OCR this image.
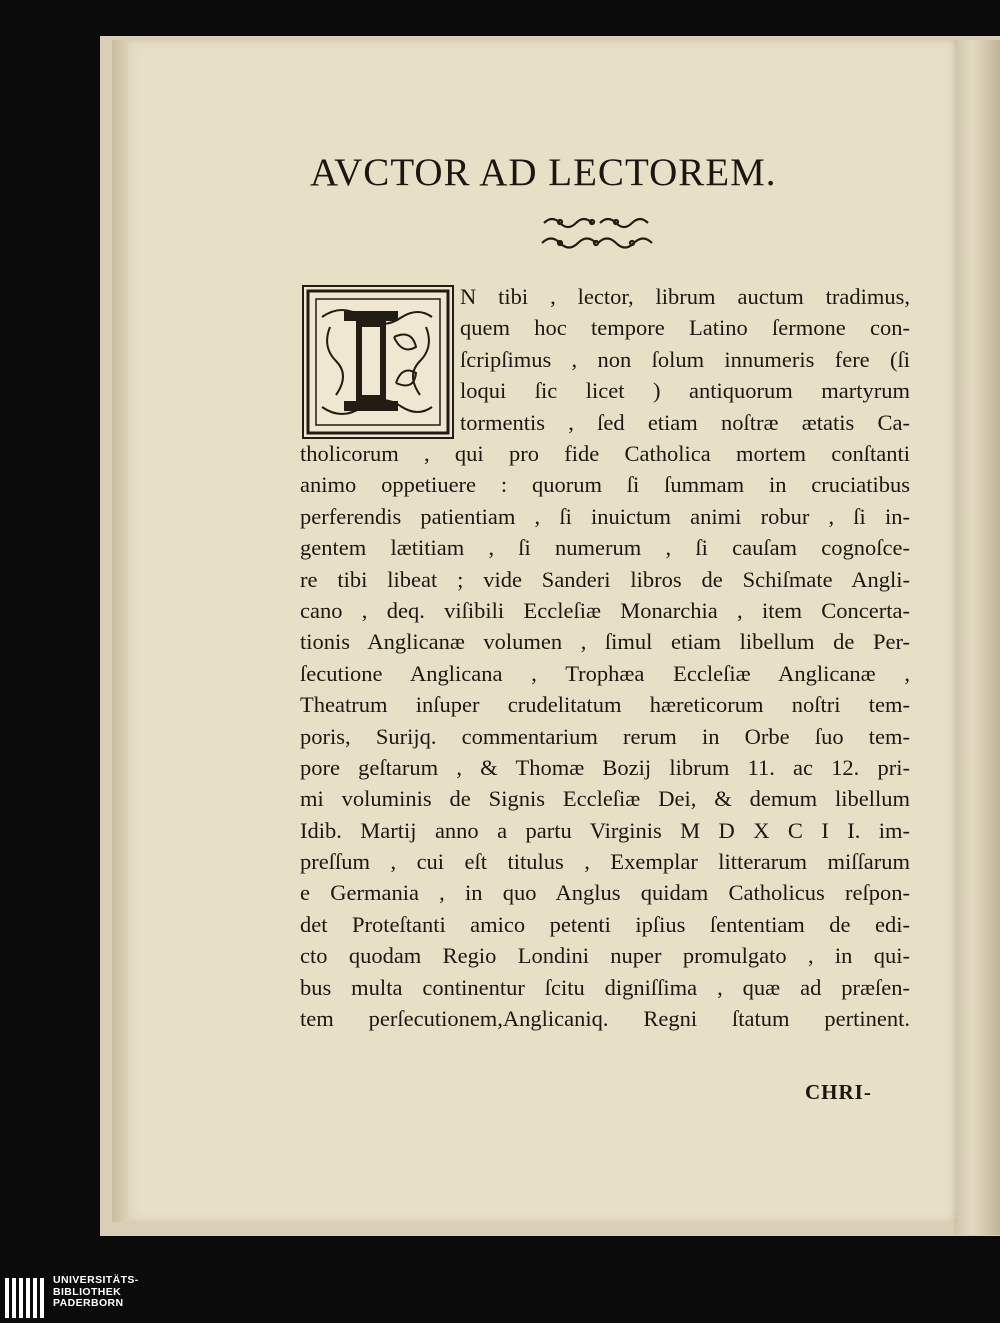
AVCTOR AD LECTOREM.
N tibi , lector, librum auctum tradimus,
quem hoc tempore Latino ſermone con-
ſcripſimus , non ſolum innumeris fere (ſi
loqui ſic licet ) antiquorum martyrum
tormentis , ſed etiam noſtræ ætatis Ca-
tholicorum , qui pro fide Catholica mortem conſtanti
animo oppetiuere : quorum ſi ſummam in cruciatibus
perferendis patientiam , ſi inuictum animi robur , ſi in-
gentem lætitiam , ſi numerum , ſi cauſam cognoſce-
re tibi libeat ; vide Sanderi libros de Schiſmate Angli-
cano , deq. viſibili Eccleſiæ Monarchia , item Concerta-
tionis Anglicanæ volumen , ſimul etiam libellum de Per-
ſecutione Anglicana , Trophæa Eccleſiæ Anglicanæ ,
Theatrum inſuper crudelitatum hæreticorum noſtri tem-
poris, Surijq. commentarium rerum in Orbe ſuo tem-
pore geſtarum , & Thomæ Bozij librum 11. ac 12. pri-
mi voluminis de Signis Eccleſiæ Dei, & demum libellum
Idib. Martij anno a partu Virginis M D X C I I. im-
preſſum , cui eſt titulus , Exemplar litterarum miſſarum
e Germania , in quo Anglus quidam Catholicus reſpon-
det Proteſtanti amico petenti ipſius ſententiam de edi-
cto quodam Regio Londini nuper promulgato , in qui-
bus multa continentur ſcitu digniſſima , quæ ad præſen-
tem perſecutionem,Anglicaniq. Regni ſtatum pertinent.
CHRI-
UNIVERSITÄTS-
BIBLIOTHEK
PADERBORN
